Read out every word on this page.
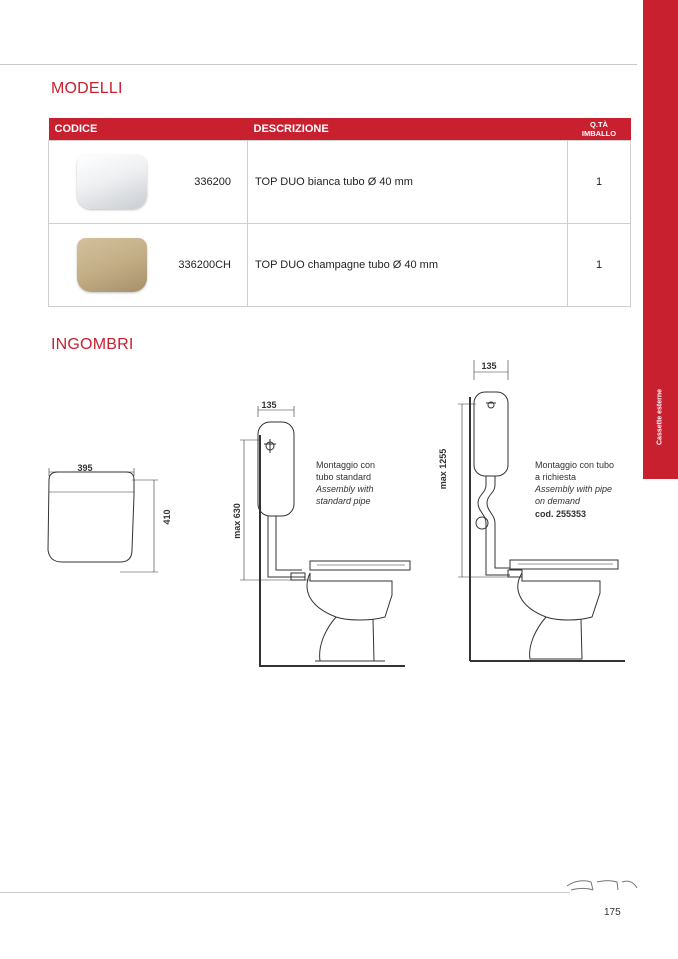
Cassette esterne
MODELLI
CODICE		DESCRIZIONE	Q.TÀ
IMBALLO

	336200	TOP DUO bianca tubo Ø 40 mm	1

	336200CH	TOP DUO champagne tubo Ø 40 mm	1
INGOMBRI
395
410
135
max 630
Montaggio con
tubo standard
Assembly with
standard pipe
135
max 1255	Montaggio con tubo
a richiesta
Assembly with pipe
on demand
cod. 255353
175
